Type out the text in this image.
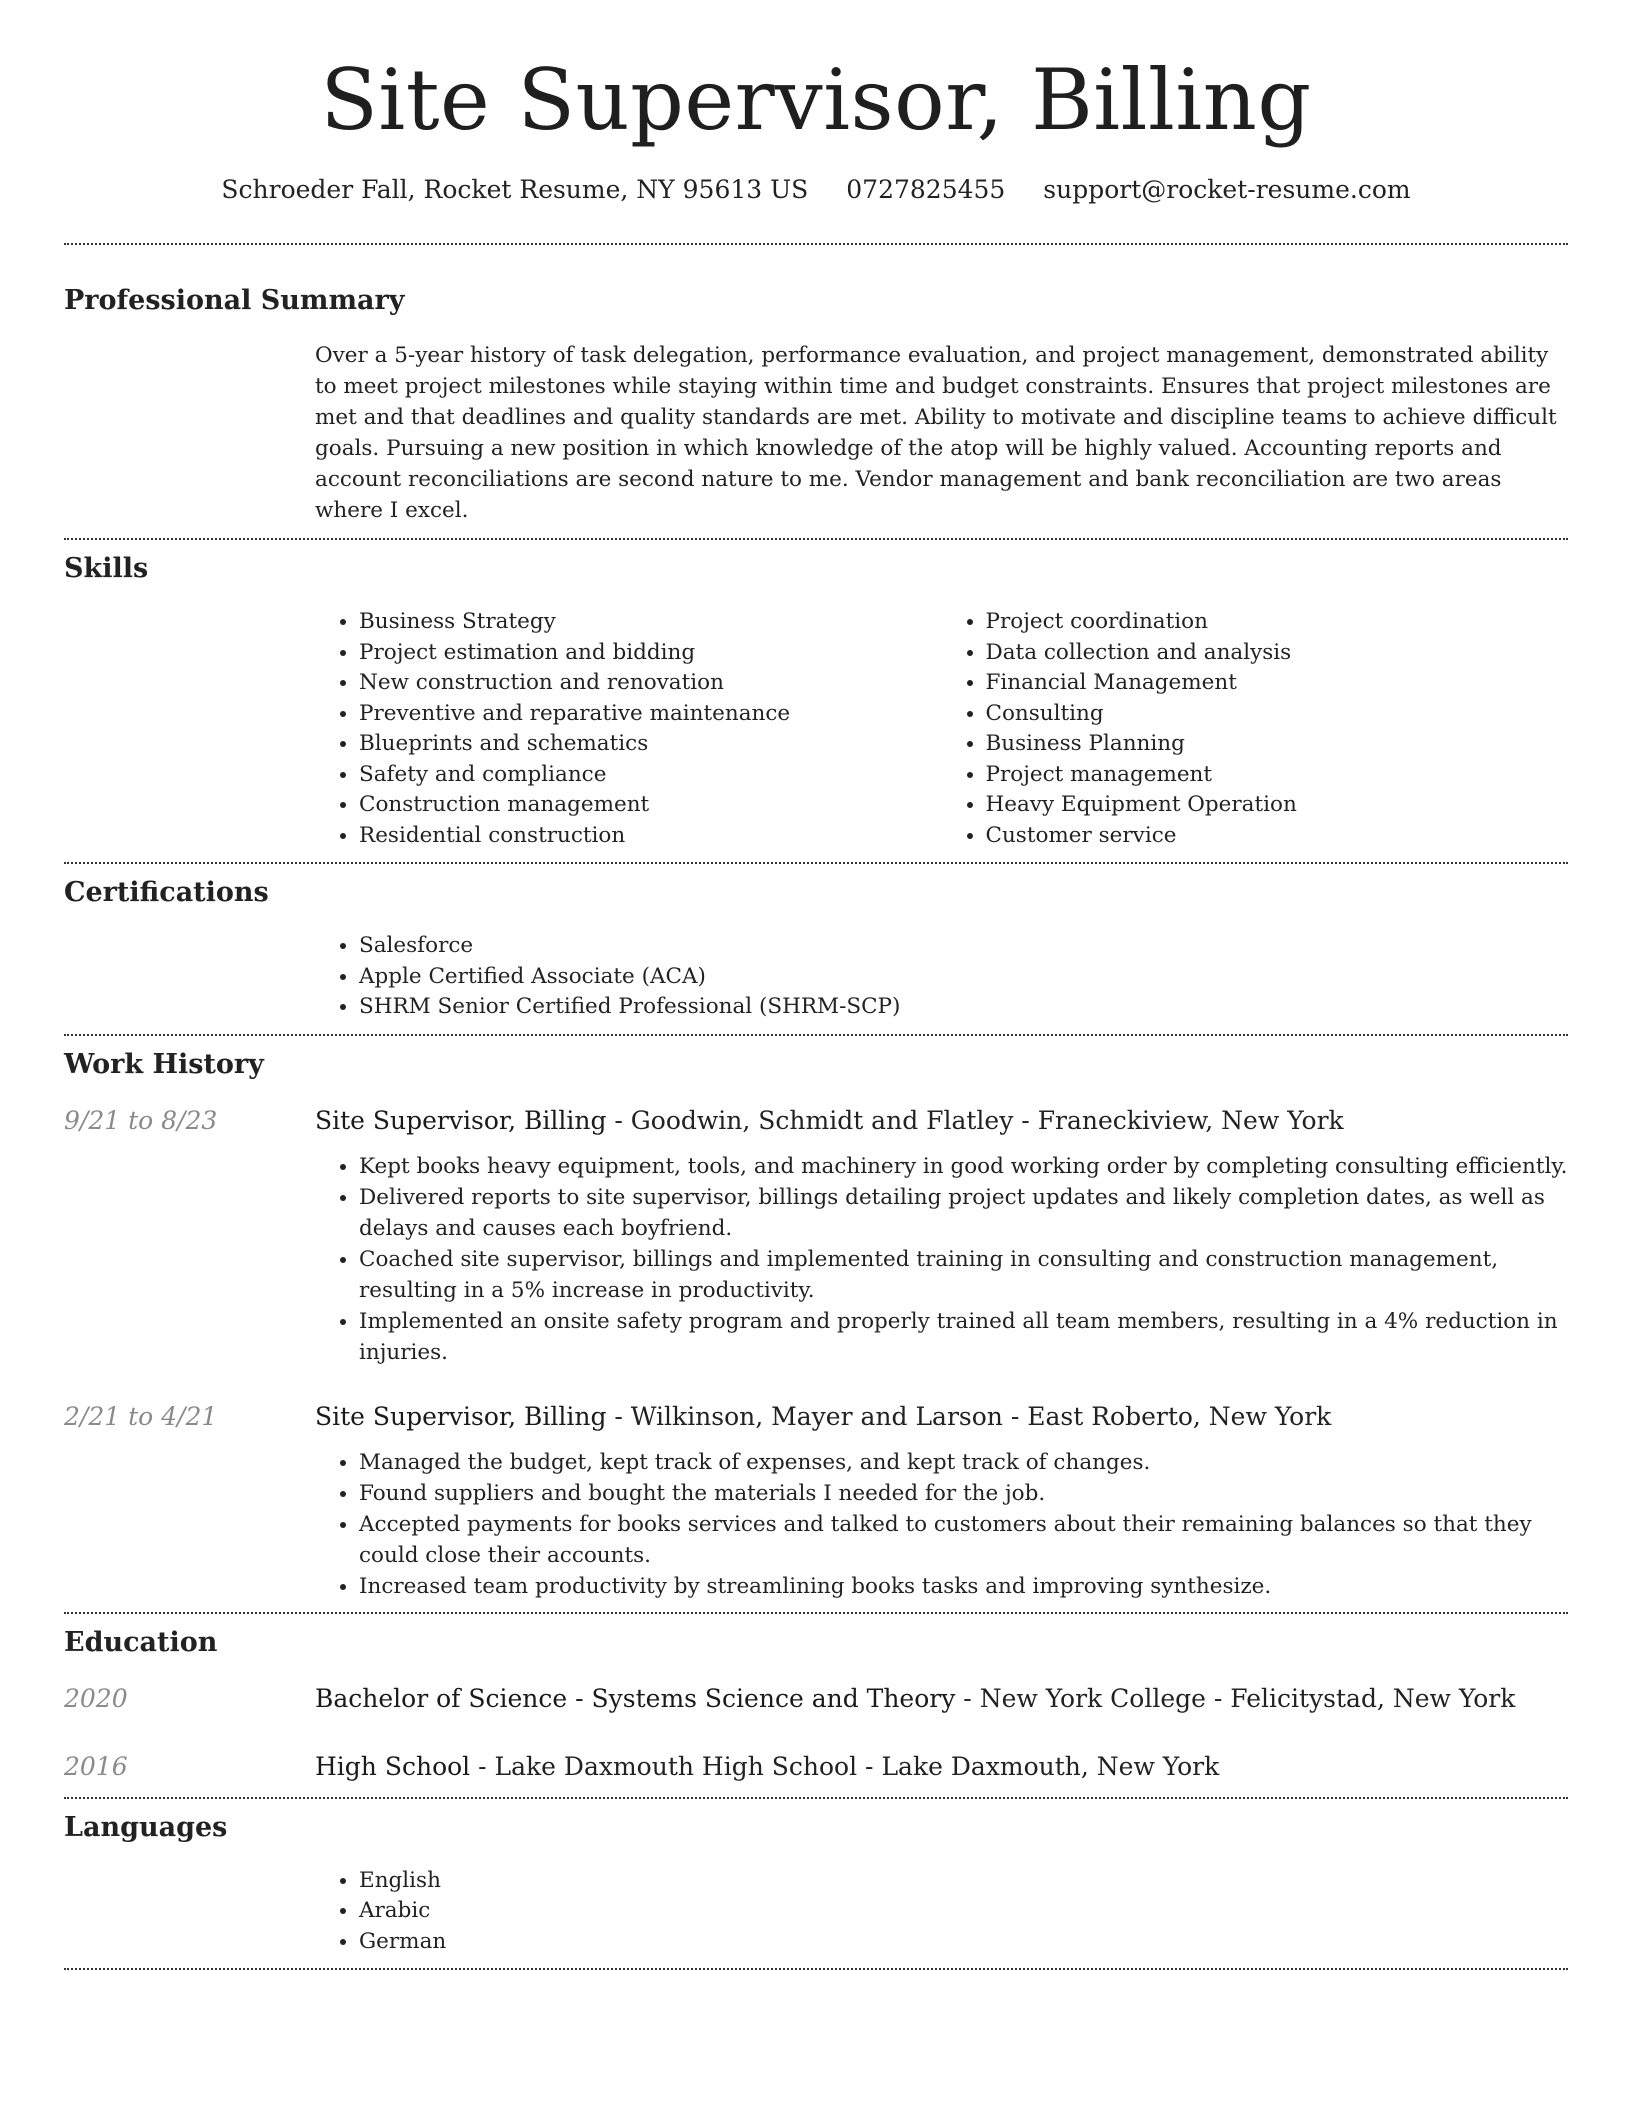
Site Supervisor, Billing
Schroeder Fall, Rocket Resume, NY 95613 US 0727825455 support@rocket-resume.com
Professional Summary
Over a 5-year history of task delegation, performance evaluation, and project management, demonstrated ability to meet project milestones while staying within time and budget constraints. Ensures that project milestones are met and that deadlines and quality standards are met. Ability to motivate and discipline teams to achieve difficult goals. Pursuing a new position in which knowledge of the atop will be highly valued. Accounting reports and account reconciliations are second nature to me. Vendor management and bank reconciliation are two areas where I excel.
Skills
• Business Strategy
• Project estimation and bidding
• New construction and renovation
• Preventive and reparative maintenance
• Blueprints and schematics
• Safety and compliance
• Construction management
• Residential construction
• Project coordination
• Data collection and analysis
• Financial Management
• Consulting
• Business Planning
• Project management
• Heavy Equipment Operation
• Customer service
Certifications
• Salesforce
• Apple Certified Associate (ACA)
• SHRM Senior Certified Professional (SHRM-SCP)
Work History
9/21 to 8/23	Site Supervisor, Billing - Goodwin, Schmidt and Flatley - Franeckiview, New York
• Kept books heavy equipment, tools, and machinery in good working order by completing consulting efficiently.
• Delivered reports to site supervisor, billings detailing project updates and likely completion dates, as well as delays and causes each boyfriend.
• Coached site supervisor, billings and implemented training in consulting and construction management, resulting in a 5% increase in productivity.
• Implemented an onsite safety program and properly trained all team members, resulting in a 4% reduction in injuries.
2/21 to 4/21	Site Supervisor, Billing - Wilkinson, Mayer and Larson - East Roberto, New York
• Managed the budget, kept track of expenses, and kept track of changes.
• Found suppliers and bought the materials I needed for the job.
• Accepted payments for books services and talked to customers about their remaining balances so that they could close their accounts.
• Increased team productivity by streamlining books tasks and improving synthesize.
Education
2020	Bachelor of Science - Systems Science and Theory - New York College - Felicitystad, New York
2016	High School - Lake Daxmouth High School - Lake Daxmouth, New York
Languages
• English
• Arabic
• German
